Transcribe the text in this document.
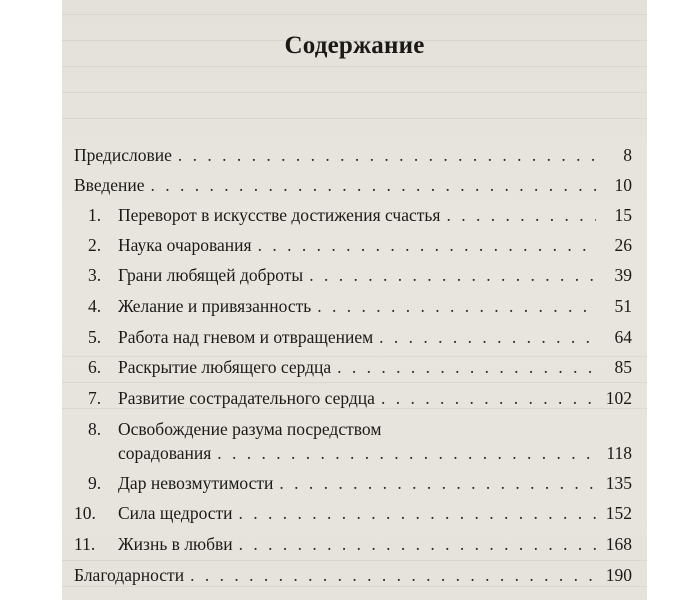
Содержание
Предисловие . . .	8
Введение . . .	10
1. Переворот в искусстве достижения счастья . . .	15
2. Наука очарования . . .	26
3. Грани любящей доброты . . .	39
4. Желание и привязанность . . .	51
5. Работа над гневом и отвращением . . .	64
6. Раскрытие любящего сердца . . .	85
7. Развитие сострадательного сердца . . .	102
8. Освобождение разума посредством
сорадования . . .	118
9. Дар невозмутимости . . .	135
10. Сила щедрости . . .	152
11. Жизнь в любви . . .	168
Благодарности . . .	190
